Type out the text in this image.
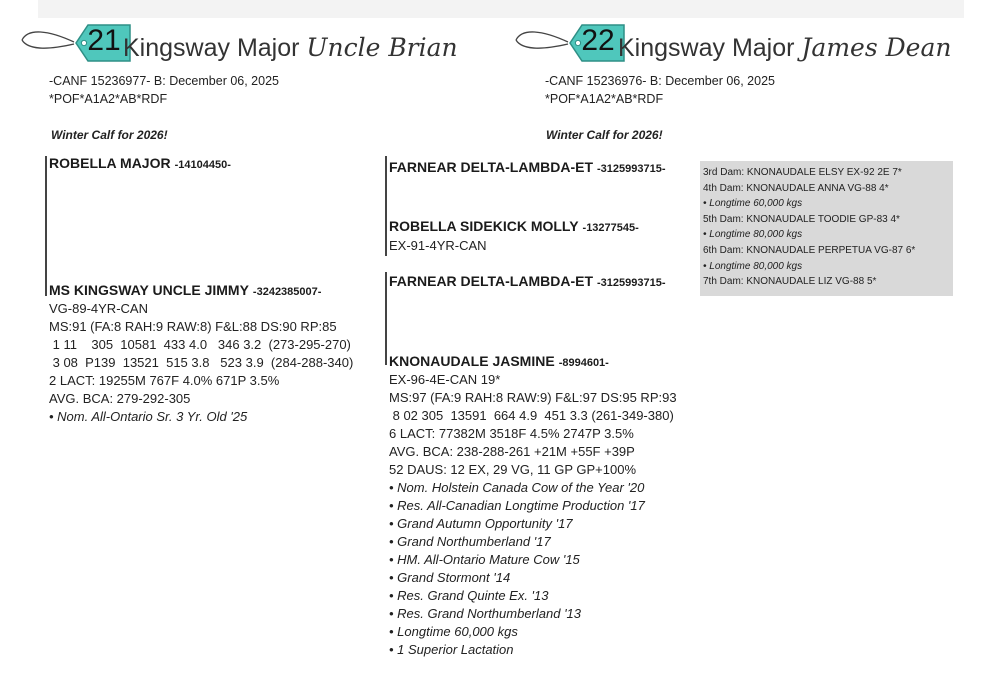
21 Kingsway Major Uncle Brian
-CANF 15236977- B: December 06, 2025
*POF*A1A2*AB*RDF
Winter Calf for 2026!
ROBELLA MAJOR -14104450-
MS KINGSWAY UNCLE JIMMY -3242385007-
VG-89-4YR-CAN
MS:91 (FA:8 RAH:9 RAW:8) F&L:88 DS:90 RP:85
1 11    305  10581  433 4.0   346 3.2  (273-295-270)
3 08  P139  13521  515 3.8   523 3.9  (284-288-340)
2 LACT: 19255M 767F 4.0% 671P 3.5%
AVG. BCA: 279-292-305
• Nom. All-Ontario Sr. 3 Yr. Old '25
22 Kingsway Major James Dean
-CANF 15236976- B: December 06, 2025
*POF*A1A2*AB*RDF
Winter Calf for 2026!
FARNEAR DELTA-LAMBDA-ET -3125993715-
ROBELLA SIDEKICK MOLLY -13277545-
EX-91-4YR-CAN
FARNEAR DELTA-LAMBDA-ET -3125993715-
KNONAUDALE JASMINE -8994601-
EX-96-4E-CAN 19*
MS:97 (FA:9 RAH:8 RAW:9) F&L:97 DS:95 RP:93
8 02 305  13591  664 4.9  451 3.3 (261-349-380)
6 LACT: 77382M 3518F 4.5% 2747P 3.5%
AVG. BCA: 238-288-261 +21M +55F +39P
52 DAUS: 12 EX, 29 VG, 11 GP GP+100%
• Nom. Holstein Canada Cow of the Year '20
• Res. All-Canadian Longtime Production '17
• Grand Autumn Opportunity '17
• Grand Northumberland '17
• HM. All-Ontario Mature Cow '15
• Grand Stormont '14
• Res. Grand Quinte Ex. '13
• Res. Grand Northumberland '13
• Longtime 60,000 kgs
• 1 Superior Lactation
3rd Dam: KNONAUDALE ELSY EX-92 2E 7*
4th Dam: KNONAUDALE ANNA VG-88 4*
• Longtime 60,000 kgs
5th Dam: KNONAUDALE TOODIE GP-83 4*
• Longtime 80,000 kgs
6th Dam: KNONAUDALE PERPETUA VG-87 6*
• Longtime 80,000 kgs
7th Dam: KNONAUDALE LIZ VG-88 5*
